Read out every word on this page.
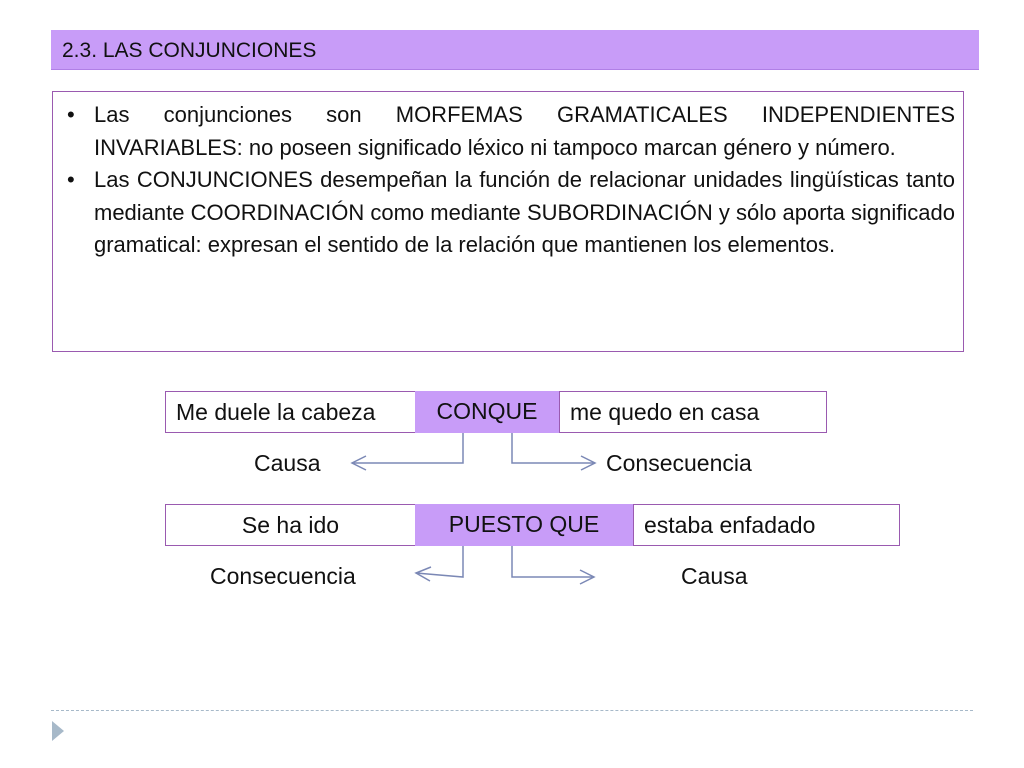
2.3. LAS CONJUNCIONES
• Las conjunciones son MORFEMAS GRAMATICALES INDEPENDIENTES INVARIABLES: no poseen significado léxico ni tampoco marcan género y número.
• Las CONJUNCIONES desempeñan la función de relacionar unidades lingüísticas tanto mediante COORDINACIÓN como mediante SUBORDINACIÓN y sólo aporta significado gramatical: expresan el sentido de la relación que mantienen los elementos.
Me duele la cabeza	CONQUE	me quedo en casa
Causa	Consecuencia
Se ha ido	PUESTO QUE	estaba enfadado
Consecuencia	Causa
